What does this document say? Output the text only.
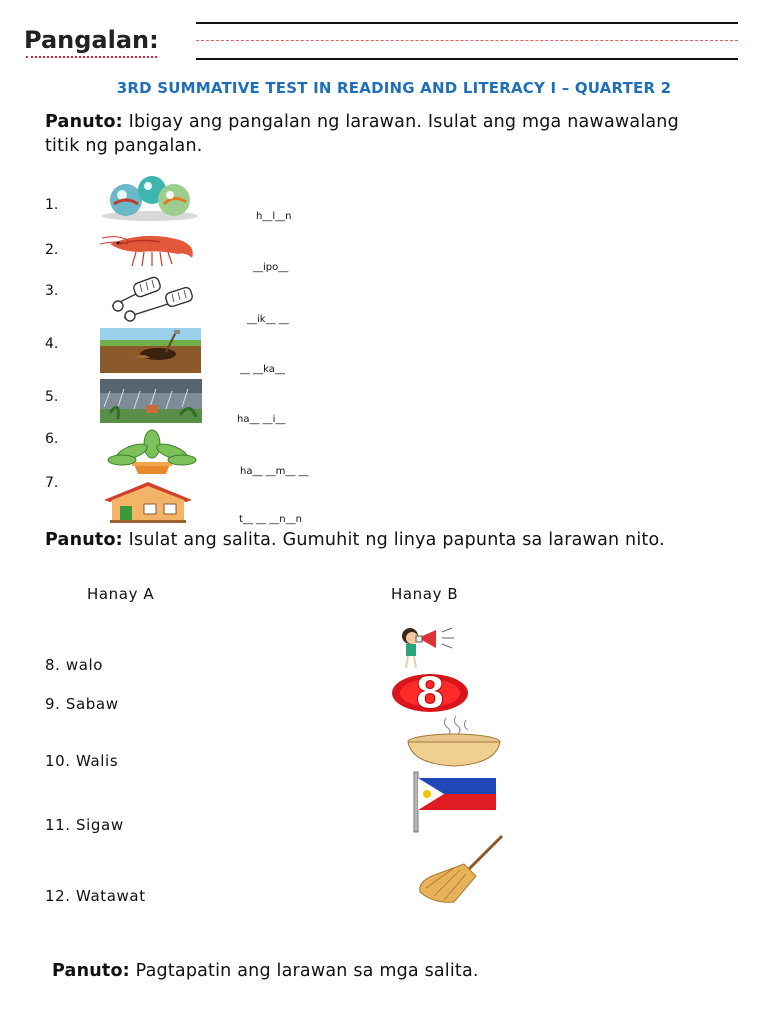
Pangalan:
3RD SUMMATIVE TEST IN READING AND LITERACY I – QUARTER 2
Panuto: Ibigay ang pangalan ng larawan. Isulat ang mga nawawalang titik ng pangalan.
1.
2.
3.
4.
5.
6.
7.
h__l__n
__ipo__
__ik__ __
__ __ka__
ha__ __i__
ha__ __m__ __
t__ __ __n__n
Panuto: Isulat ang salita. Gumuhit ng linya papunta sa larawan nito.
Hanay A	Hanay B
8. walo
9. Sabaw
10. Walis
11. Sigaw
12. Watawat
8
Panuto: Pagtapatin ang larawan sa mga salita.
